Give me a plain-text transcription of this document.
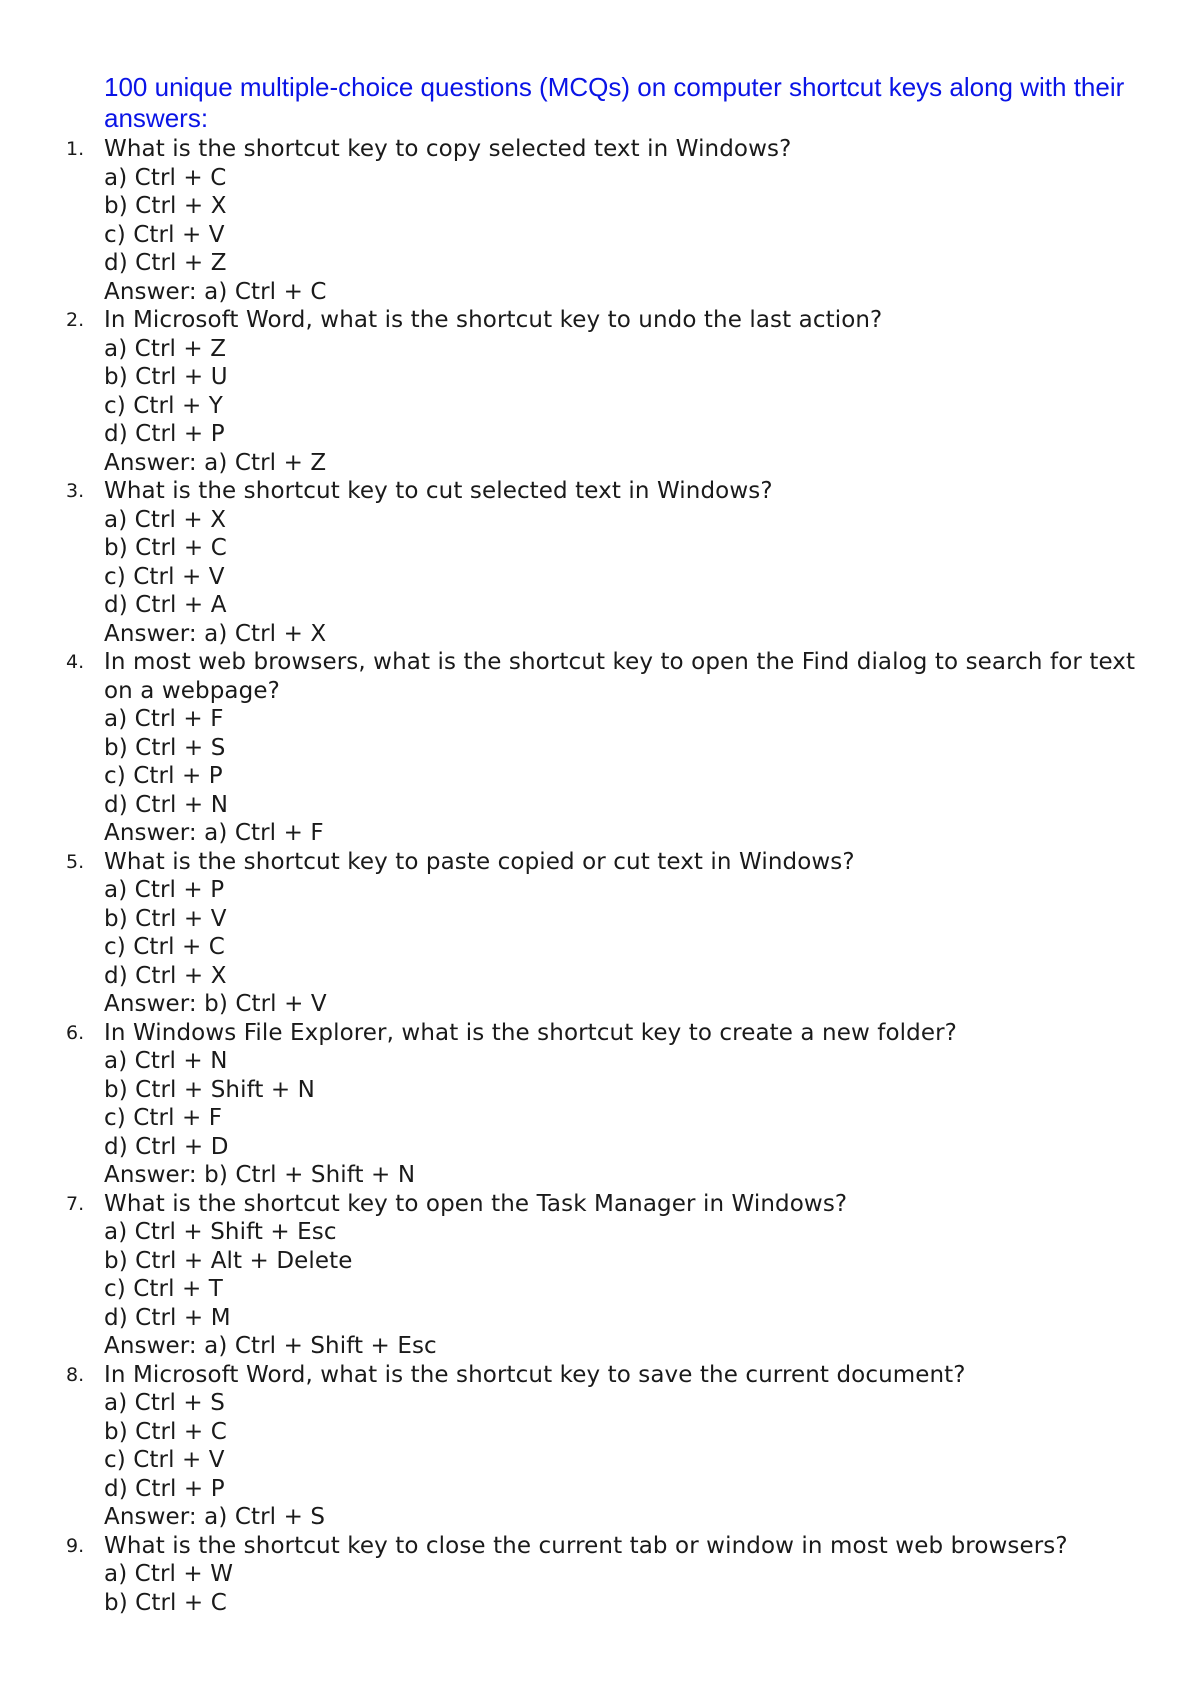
100 unique multiple-choice questions (MCQs) on computer shortcut keys along with their answers:
1. What is the shortcut key to copy selected text in Windows?
a) Ctrl + C
b) Ctrl + X
c) Ctrl + V
d) Ctrl + Z
Answer: a) Ctrl + C
2. In Microsoft Word, what is the shortcut key to undo the last action?
a) Ctrl + Z
b) Ctrl + U
c) Ctrl + Y
d) Ctrl + P
Answer: a) Ctrl + Z
3. What is the shortcut key to cut selected text in Windows?
a) Ctrl + X
b) Ctrl + C
c) Ctrl + V
d) Ctrl + A
Answer: a) Ctrl + X
4. In most web browsers, what is the shortcut key to open the Find dialog to search for text on a webpage?
a) Ctrl + F
b) Ctrl + S
c) Ctrl + P
d) Ctrl + N
Answer: a) Ctrl + F
5. What is the shortcut key to paste copied or cut text in Windows?
a) Ctrl + P
b) Ctrl + V
c) Ctrl + C
d) Ctrl + X
Answer: b) Ctrl + V
6. In Windows File Explorer, what is the shortcut key to create a new folder?
a) Ctrl + N
b) Ctrl + Shift + N
c) Ctrl + F
d) Ctrl + D
Answer: b) Ctrl + Shift + N
7. What is the shortcut key to open the Task Manager in Windows?
a) Ctrl + Shift + Esc
b) Ctrl + Alt + Delete
c) Ctrl + T
d) Ctrl + M
Answer: a) Ctrl + Shift + Esc
8. In Microsoft Word, what is the shortcut key to save the current document?
a) Ctrl + S
b) Ctrl + C
c) Ctrl + V
d) Ctrl + P
Answer: a) Ctrl + S
9. What is the shortcut key to close the current tab or window in most web browsers?
a) Ctrl + W
b) Ctrl + C
